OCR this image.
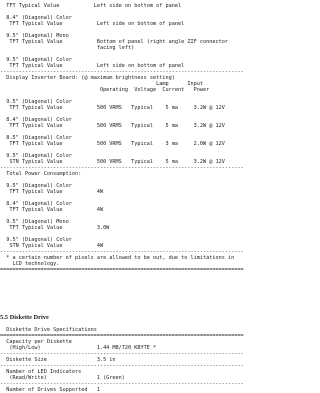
TFT Typical Value           Left side on bottom of panel

8.4" (Diagonal) Color
TFT Typical Value           Left side on bottom of panel

9.5" (Diagonal) Mono
TFT Typical Value           Bottom of panel (right angle ZIF connector
facing left)

9.5" (Diagonal) Color
TFT Typical Value           Left side on bottom of panel
------------------------------------------------------------------------------
Display Inverter Board: (@ maximum brightness setting)
Lamp      Input
Operating  Voltage  Current   Power

9.5" (Diagonal) Color
TFT Typical Value           500 VRMS   Typical    5 ma     3.2W @ 12V

8.4" (Diagonal) Color
TFT Typical Value           500 VRMS   Typical    5 ma     3.2W @ 12V

8.5" (Diagonal) Color
TFT Typical Value           500 VRMS   Typical    3 ma     2.0W @ 12V

9.5" (Diagonal) Color
STN Typical Value           500 VRMS   Typical    5 ma     3.2W @ 12V
------------------------------------------------------------------------------
Total Power Consumption:

9.5" (Diagonal) Color
TFT Typical Value           4W

8.4" (Diagonal) Color
TFT Typical Value           4W

9.5" (Diagonal) Mono
TFT Typical Value           3.0W

9.5" (Diagonal) Color
STN Typical Value           4W
------------------------------------------------------------------------------
* a certain number of pixels are allowed to be out, due to limitations in
LCD technology.
==============================================================================

5.5 Diskette Drive
Diskette Drive Specifications
==============================================================================
Capacity per Diskette
(High/Low)                  1.44 MB/720 KBYTE *
------------------------------------------------------------------------------
Diskette Size                3.5 in
------------------------------------------------------------------------------
Number of LED Indicators
(Read/Write)                1 (Green)
------------------------------------------------------------------------------
Number of Drives Supported   1
